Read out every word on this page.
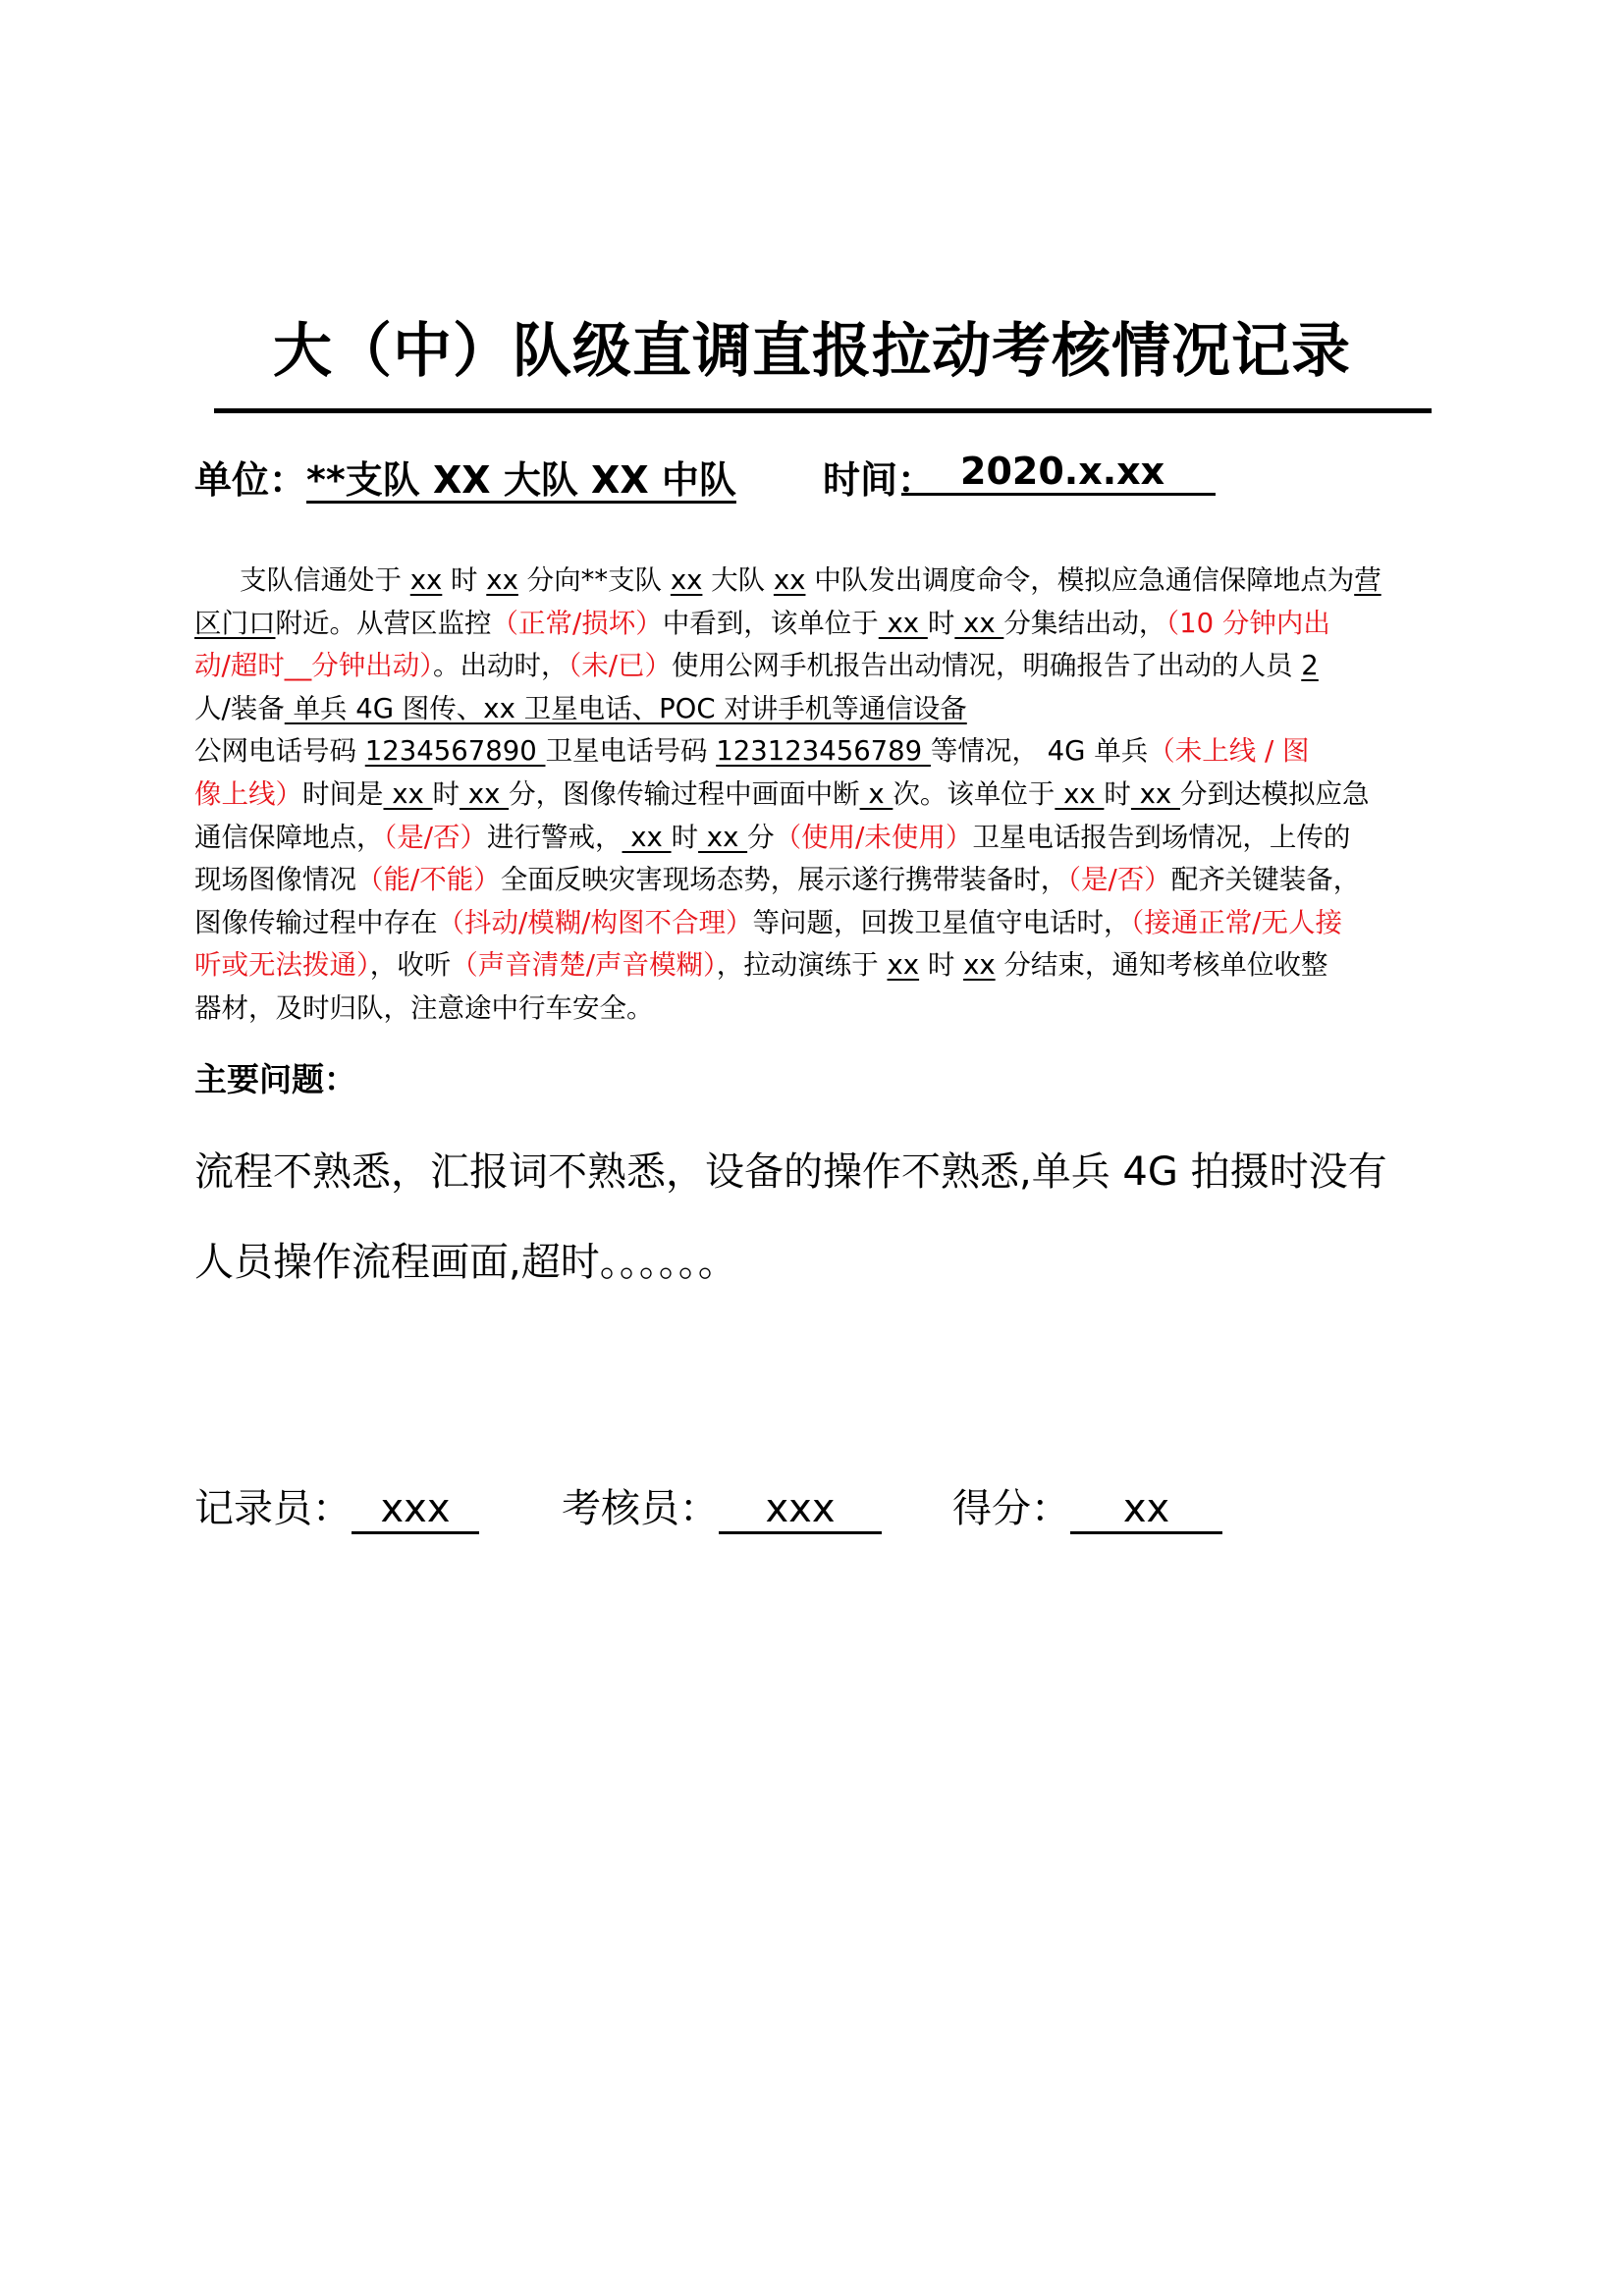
大（中）队级直调直报拉动考核情况记录
单位：**支队 XX 大队 XX 中队 时间： 2020.x.xx
支队信通处于 xx 时 xx 分向**支队 xx 大队 xx 中队发出调度命令，模拟应急通信保障地点为营
区门口附近。从营区监控（正常/损坏）中看到，该单位于 xx 时 xx 分集结出动，（10 分钟内出
动/超时__分钟出动）。出动时，（未/已）使用公网手机报告出动情况，明确报告了出动的人员 2
人/装备 单兵 4G 图传、xx 卫星电话、POC 对讲手机等通信设备
公网电话号码 1234567890 卫星电话号码 123123456789 等情况， 4G 单兵（未上线 / 图
像上线）时间是 xx 时 xx 分，图像传输过程中画面中断 x 次。该单位于 xx 时 xx 分到达模拟应急
通信保障地点，（是/否）进行警戒， xx 时 xx 分（使用/未使用）卫星电话报告到场情况，上传的
现场图像情况（能/不能）全面反映灾害现场态势，展示遂行携带装备时，（是/否）配齐关键装备，
图像传输过程中存在（抖动/模糊/构图不合理）等问题，回拨卫星值守电话时，（接通正常/无人接
听或无法拨通），收听（声音清楚/声音模糊），拉动演练于 xx 时 xx 分结束，通知考核单位收整
器材，及时归队，注意途中行车安全。
主要问题：
流程不熟悉，汇报词不熟悉，设备的操作不熟悉,单兵 4G 拍摄时没有
人员操作流程画面,超时。。。。。。
记录员： xxx	考核员： xxx	得分： xx
